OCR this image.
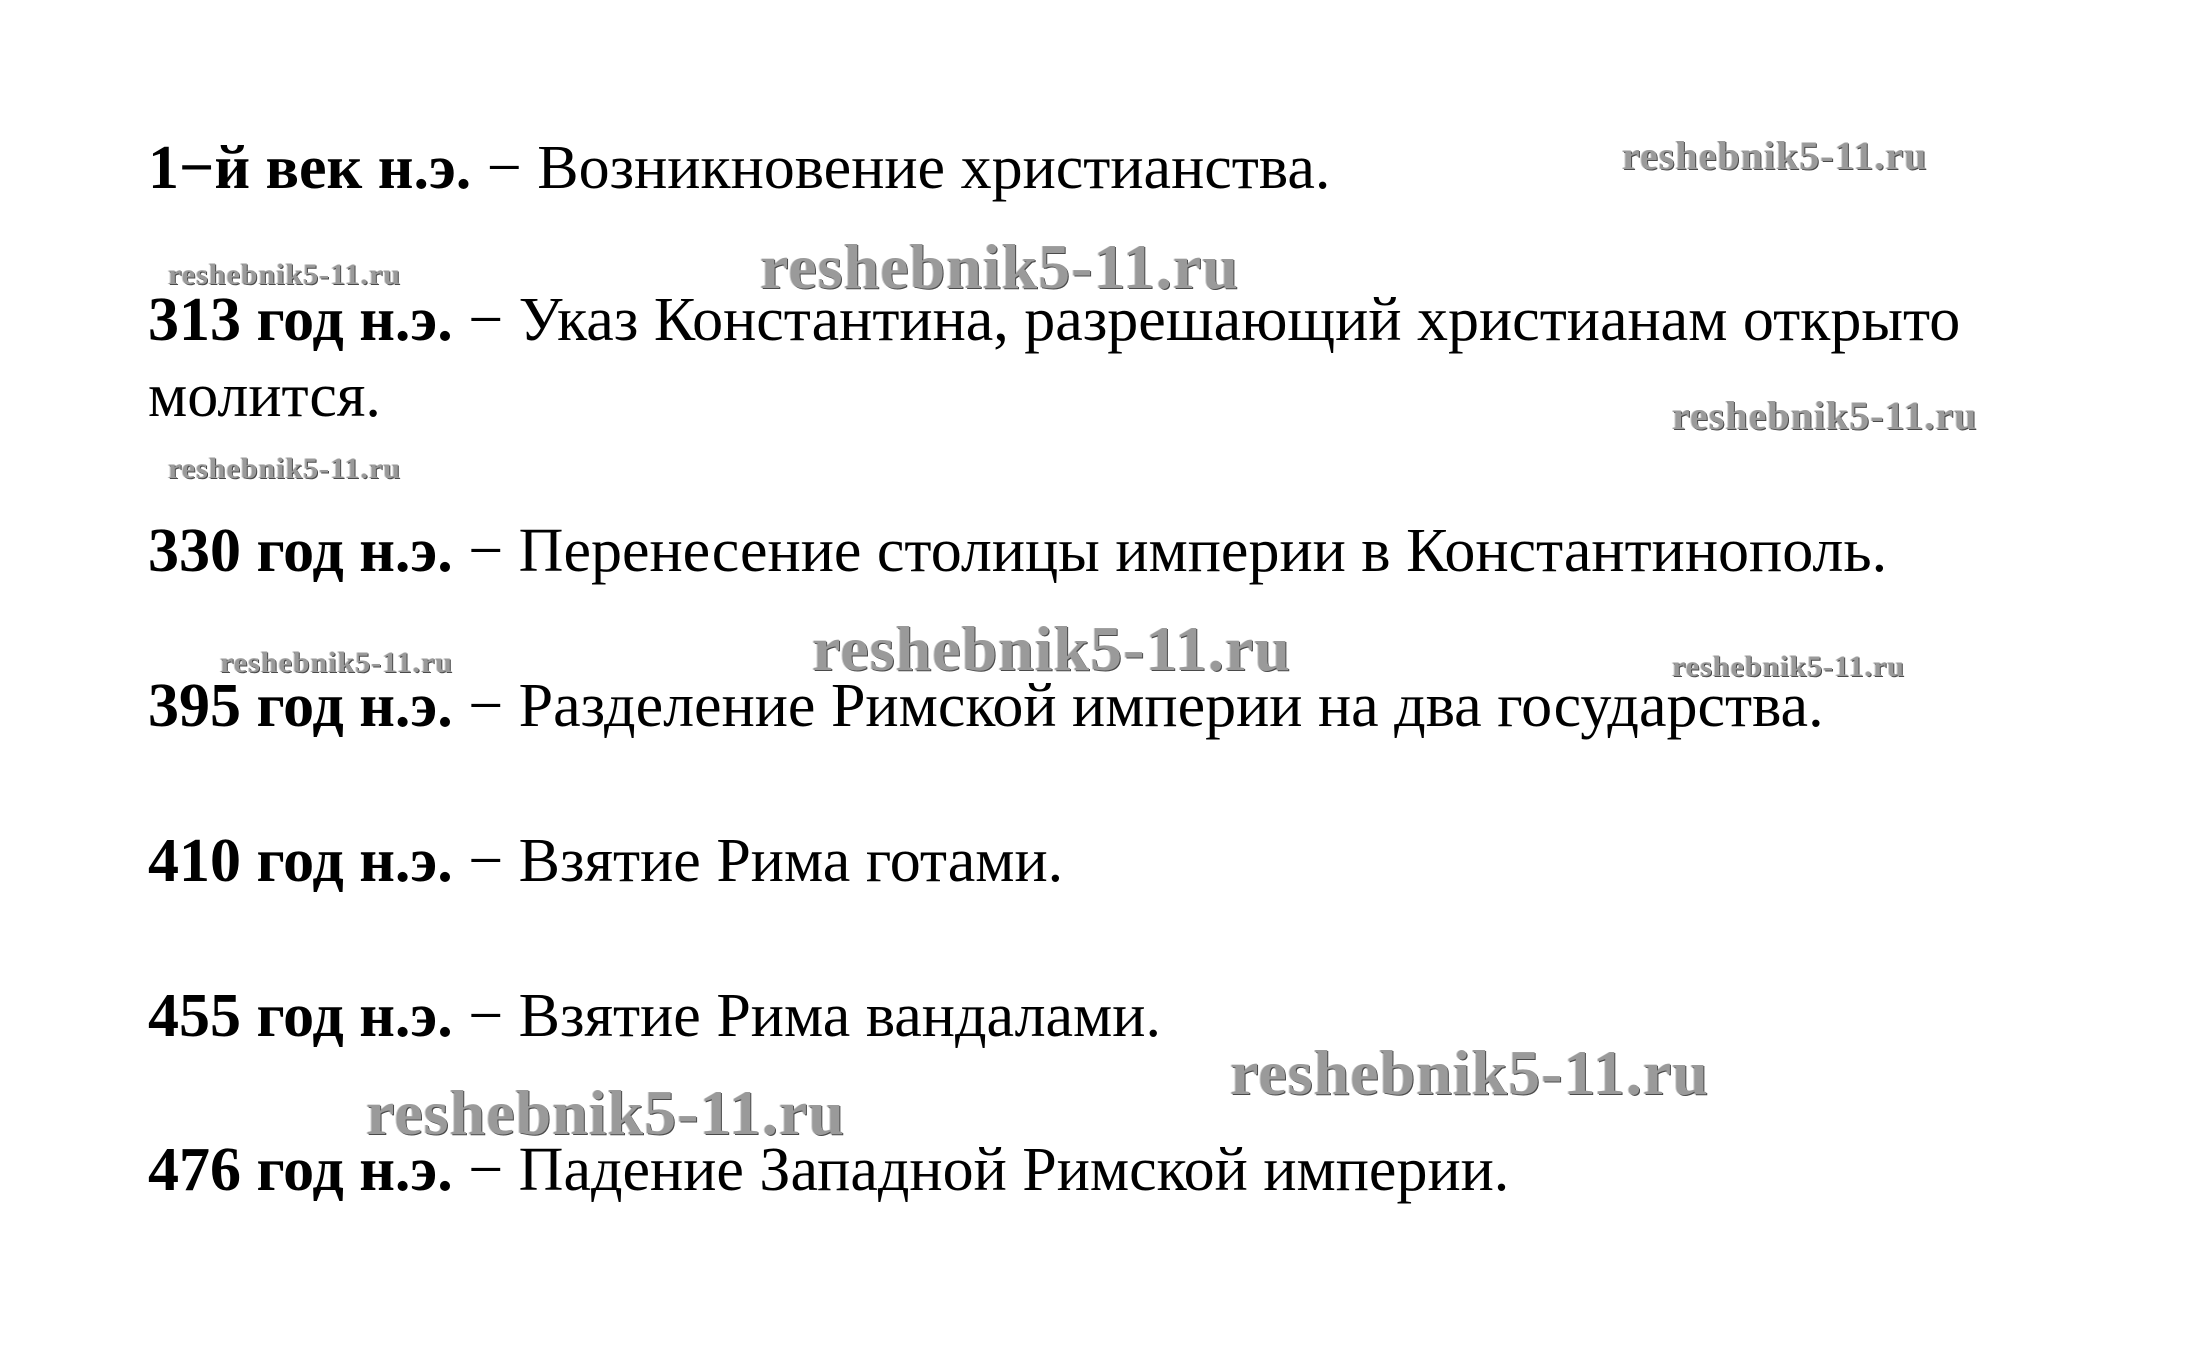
reshebnik5-11.ru
reshebnik5-11.ru	reshebnik5-11.ru
reshebnik5-11.ru
reshebnik5-11.ru
reshebnik5-11.ru	reshebnik5-11.ru	reshebnik5-11.ru
reshebnik5-11.ru
reshebnik5-11.ru
1−й век н.э. − Возникновение христианства.
313 год н.э. − Указ Константина, разрешающий христианам открыто молится.
330 год н.э. − Перенесение столицы империи в Константинополь.
395 год н.э. − Разделение Римской империи на два государства.
410 год н.э. − Взятие Рима готами.
455 год н.э. − Взятие Рима вандалами.
476 год н.э. − Падение Западной Римской империи.
